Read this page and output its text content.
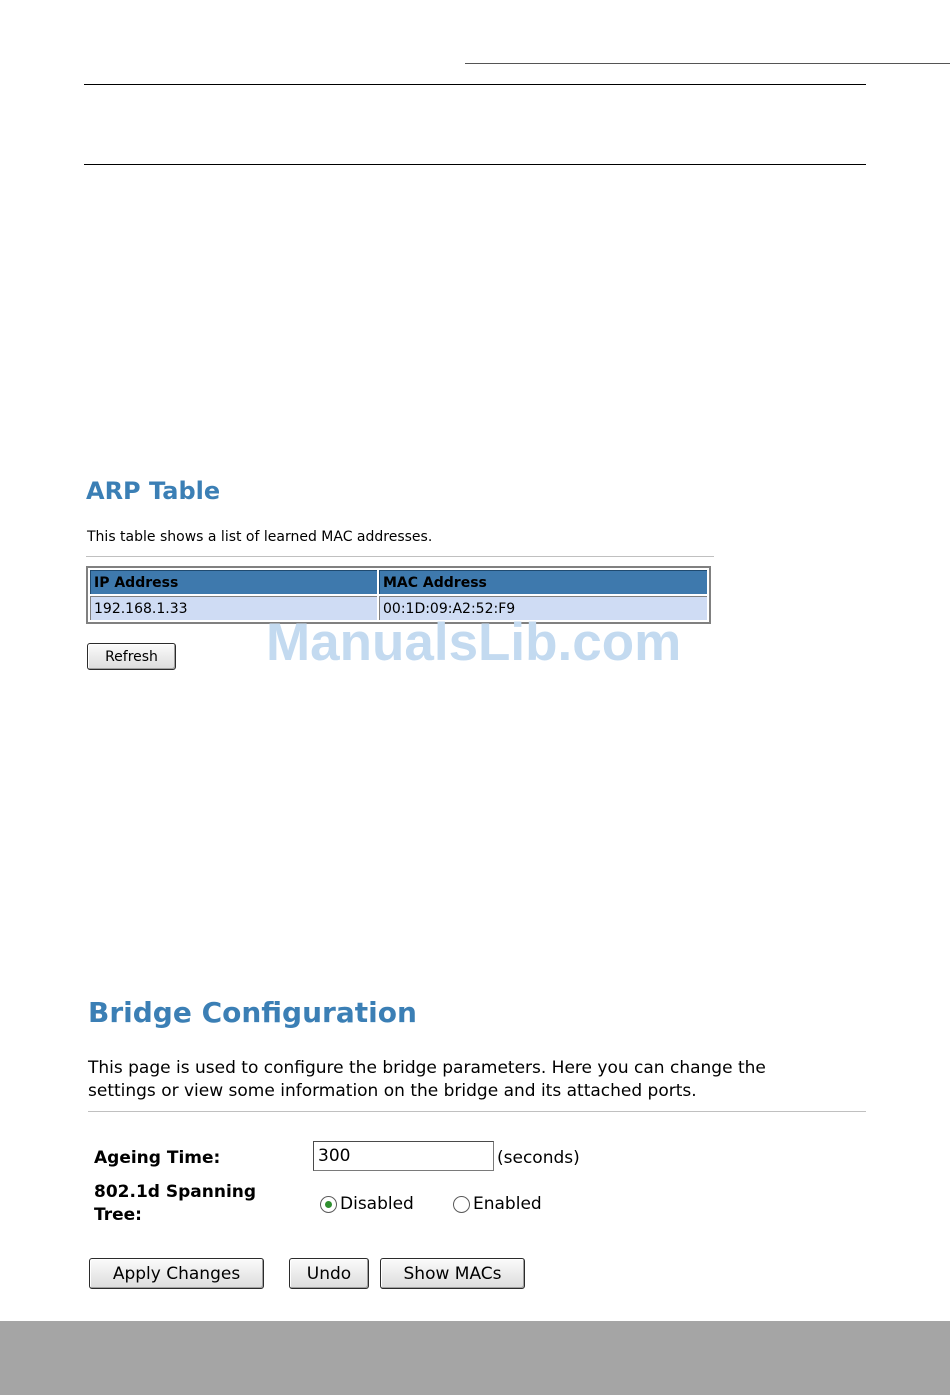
ARP Table

This table shows a list of learned MAC addresses.

IP Address	MAC Address
192.168.1.33	00:1D:09:A2:52:F9
Refresh	ManualsLib.com
Bridge Configuration
This page is used to configure the bridge parameters. Here you can change the
settings or view some information on the bridge and its attached ports.
Ageing Time:
300	(seconds)
802.1d Spanning
Tree:
Disabled	Enabled
Apply Changes	Undo	Show MACs
